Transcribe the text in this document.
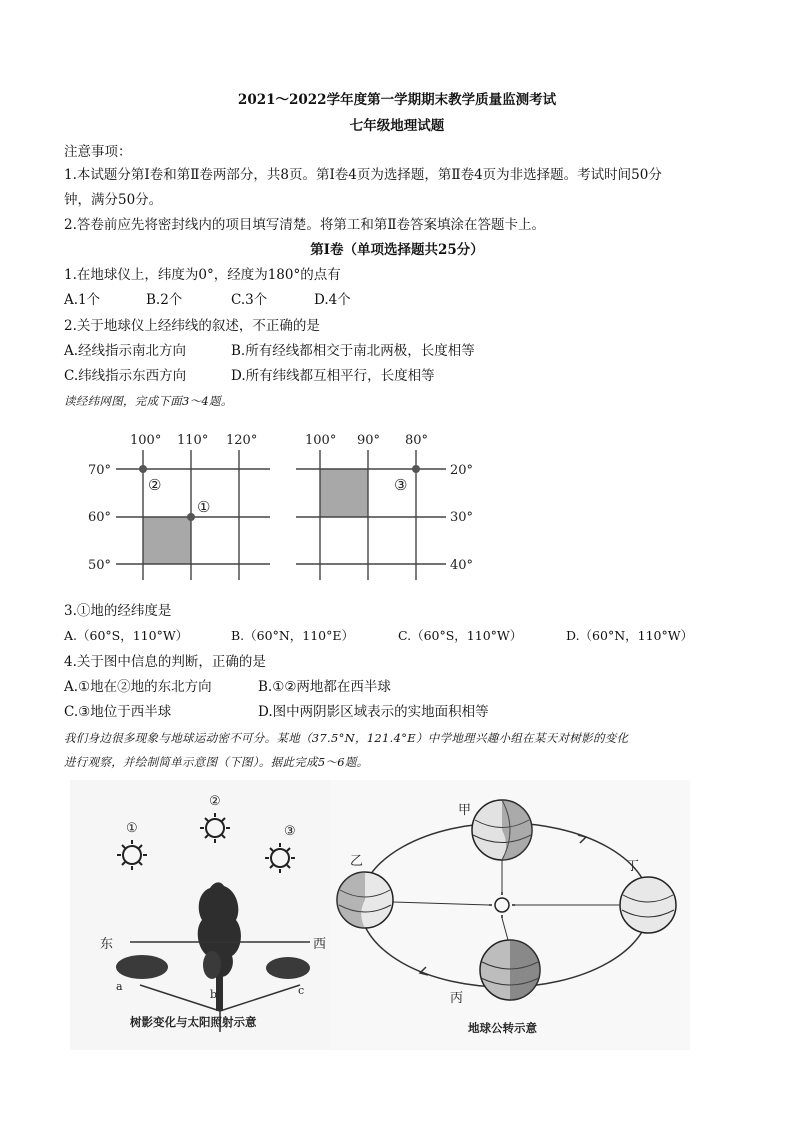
2021～2022学年度第一学期期末教学质量监测考试
七年级地理试题
注意事项：
1.本试题分第Ⅰ卷和第Ⅱ卷两部分，共8页。第Ⅰ卷4页为选择题，第Ⅱ卷4页为非选择题。考试时间50分
钟，满分50分。
2.答卷前应先将密封线内的项目填写清楚。将第工和第Ⅱ卷答案填涂在答题卡上。
第Ⅰ卷（单项选择题共25分）
1.在地球仪上，纬度为0°，经度为180°的点有
A.1个	B.2个	C.3个	D.4个
2.关于地球仪上经纬线的叙述，不正确的是
A.经线指示南北方向	B.所有经线都相交于南北两极，长度相等
C.纬线指示东西方向	D.所有纬线都互相平行，长度相等
读经纬网图，完成下面3～4题。
100° 110° 120°
70°
60°
50°
②
①
100° 90° 80°
20°
30°
40°
③
3.①地的经纬度是
A.（60°S，110°W）	B.（60°N，110°E）	C.（60°S，110°W）	D.（60°N，110°W）
4.关于图中信息的判断，正确的是
A.①地在②地的东北方向	B.①②两地都在西半球
C.③地位于西半球	D.图中两阴影区域表示的实地面积相等
我们身边很多现象与地球运动密不可分。某地（37.5°N，121.4°E）中学地理兴趣小组在某天对树影的变化
进行观察，并绘制简单示意图（下图）。据此完成5～6题。
①
②
③
东	西
a
b	c
树影变化与太阳照射示意
甲
乙
丙
丁
地球公转示意
